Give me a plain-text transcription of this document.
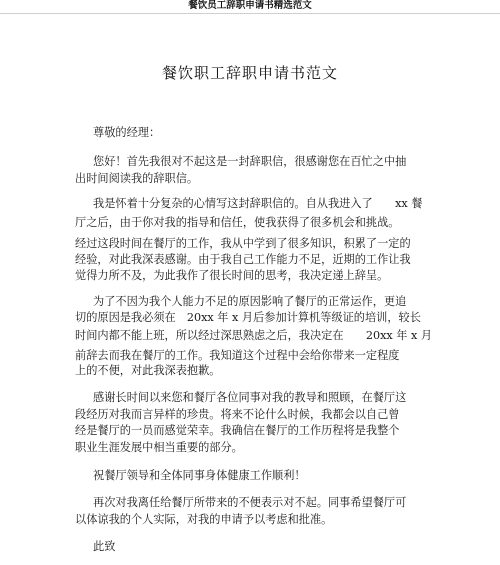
餐饮员工辞职申请书精选范文
餐饮职工辞职申请书范文
尊敬的经理：
您好！首先我很对不起这是一封辞职信，很感谢您在百忙之中抽
出时间阅读我的辞职信。
我是怀着十分复杂的心情写这封辞职信的。自从我进入了　　xx 餐
厅之后，由于你对我的指导和信任，使我获得了很多机会和挑战。
经过这段时间在餐厅的工作，我从中学到了很多知识，积累了一定的
经验，对此我深表感谢。由于我自己工作能力不足，近期的工作让我
觉得力所不及，为此我作了很长时间的思考，我决定递上辞呈。
为了不因为我个人能力不足的原因影响了餐厅的正常运作，更追
切的原因是我必须在　20xx 年 x 月后参加计算机等级证的培训，较长
时间内都不能上班，所以经过深思熟虑之后，我决定在　　20xx 年 x 月
前辞去而我在餐厅的工作。我知道这个过程中会给你带来一定程度
上的不便，对此我深表抱歉。
感谢长时间以来您和餐厅各位同事对我的教导和照顾，在餐厅这
段经历对我而言异样的珍贵。将来不论什么时候，我都会以自己曾
经是餐厅的一员而感觉荣幸。我确信在餐厅的工作历程将是我整个
职业生涯发展中相当重要的部分。
祝餐厅领导和全体同事身体健康工作顺利！
再次对我离任给餐厅所带来的不便表示对不起。同事希望餐厅可
以体谅我的个人实际，对我的申请予以考虑和批准。
此致
